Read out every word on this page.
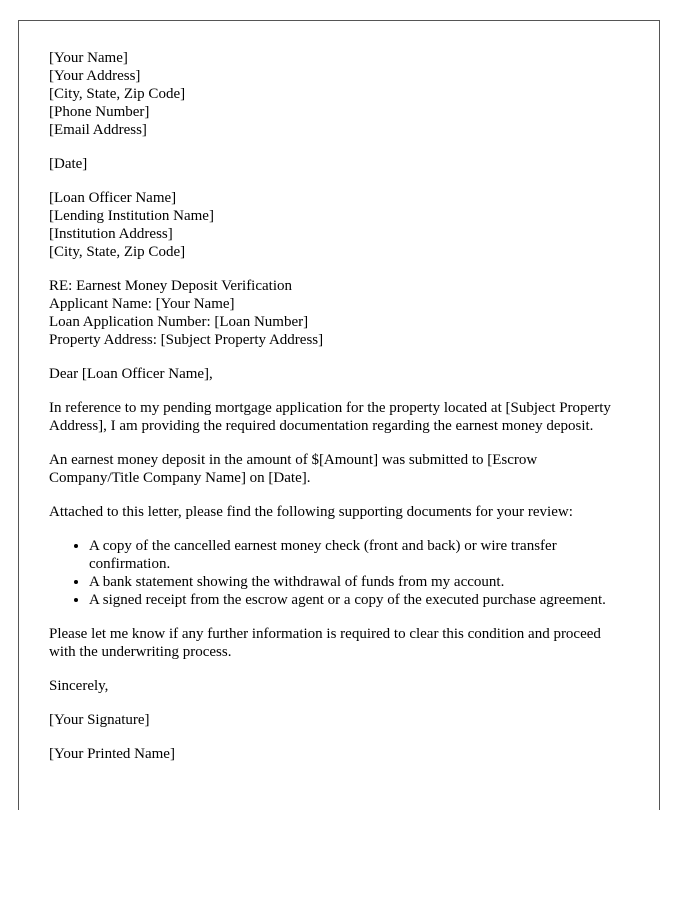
[Your Name]
[Your Address]
[City, State, Zip Code]
[Phone Number]
[Email Address]
[Date]
[Loan Officer Name]
[Lending Institution Name]
[Institution Address]
[City, State, Zip Code]
RE: Earnest Money Deposit Verification
Applicant Name: [Your Name]
Loan Application Number: [Loan Number]
Property Address: [Subject Property Address]

Dear [Loan Officer Name],

In reference to my pending mortgage application for the property located at [Subject Property Address], I am providing the required documentation regarding the earnest money deposit.

An earnest money deposit in the amount of $[Amount] was submitted to [Escrow Company/Title Company Name] on [Date].

Attached to this letter, please find the following supporting documents for your review:

• A copy of the cancelled earnest money check (front and back) or wire transfer confirmation.
• A bank statement showing the withdrawal of funds from my account.
• A signed receipt from the escrow agent or a copy of the executed purchase agreement.

Please let me know if any further information is required to clear this condition and proceed with the underwriting process.

Sincerely,

[Your Signature]

[Your Printed Name]
